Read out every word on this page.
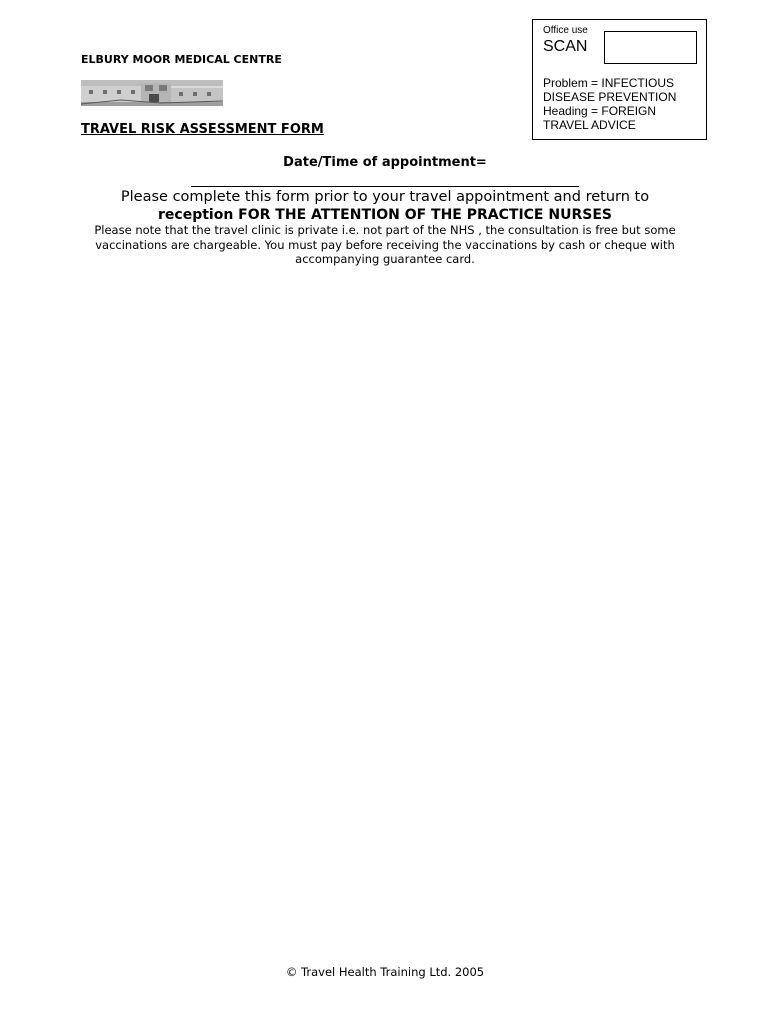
Office use
SCAN
Problem = INFECTIOUS
DISEASE PREVENTION
Heading = FOREIGN
TRAVEL ADVICE
ELBURY MOOR MEDICAL CENTRE
TRAVEL RISK ASSESSMENT FORM
Date/Time of appointment=
Please complete this form prior to your travel appointment and return to
reception FOR THE ATTENTION OF THE PRACTICE NURSES
Please note that the travel clinic is private i.e. not part of the NHS , the consultation is free but some vaccinations are chargeable. You must pay before receiving the vaccinations by cash or cheque with accompanying guarantee card.
© Travel Health Training Ltd. 2005
